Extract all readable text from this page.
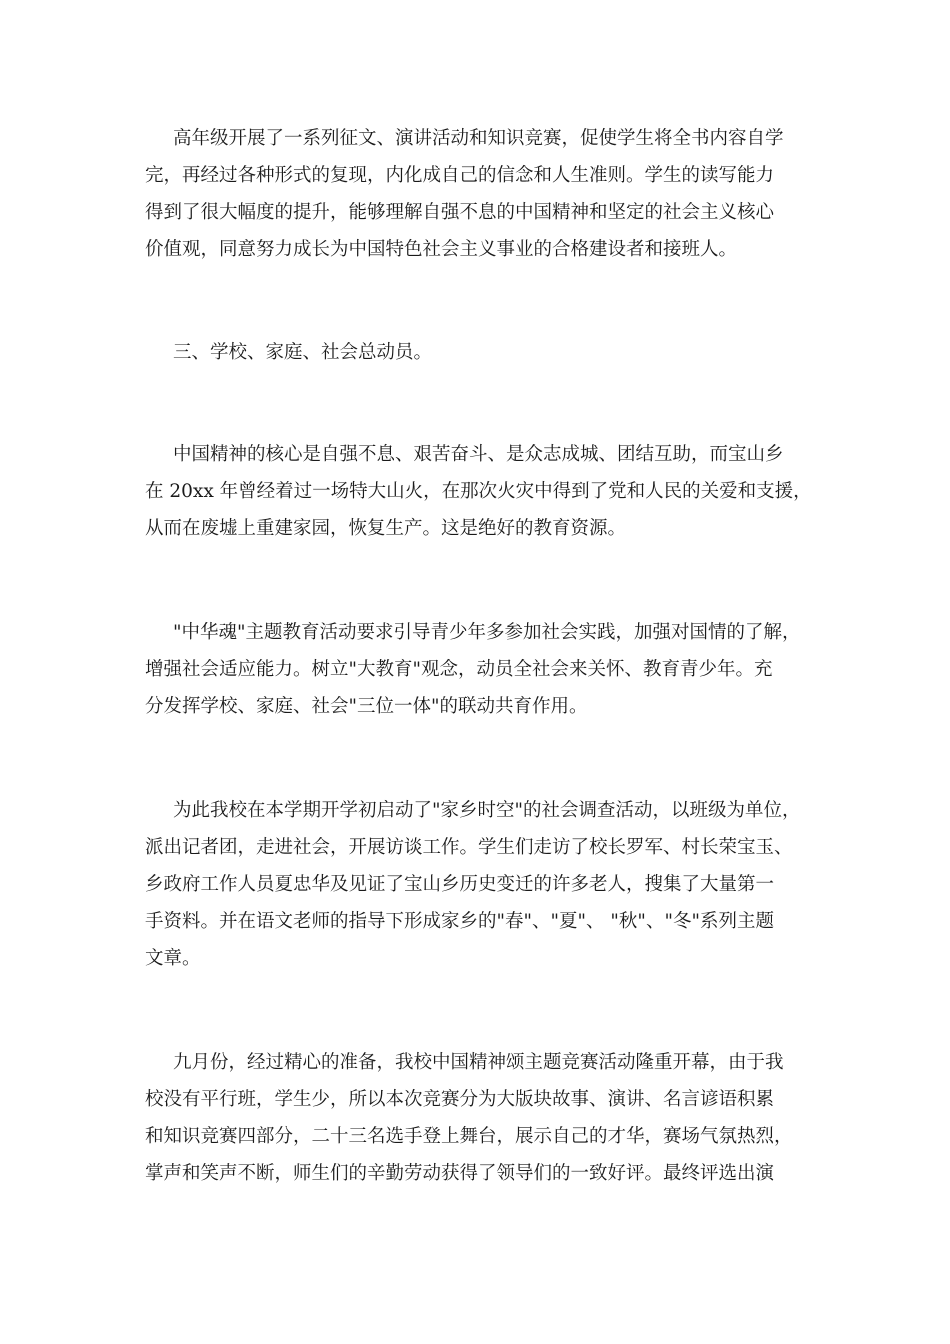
高年级开展了一系列征文、演讲活动和知识竞赛，促使学生将全书内容自学
完，再经过各种形式的复现，内化成自己的信念和人生准则。学生的读写能力
得到了很大幅度的提升，能够理解自强不息的中国精神和坚定的社会主义核心
价值观，同意努力成长为中国特色社会主义事业的合格建设者和接班人。
三、学校、家庭、社会总动员。
中国精神的核心是自强不息、艰苦奋斗、是众志成城、团结互助，而宝山乡
在 20xx 年曾经着过一场特大山火，在那次火灾中得到了党和人民的关爱和支援，
从而在废墟上重建家园，恢复生产。这是绝好的教育资源。
"中华魂"主题教育活动要求引导青少年多参加社会实践，加强对国情的了解，
增强社会适应能力。树立"大教育"观念，动员全社会来关怀、教育青少年。充
分发挥学校、家庭、社会"三位一体"的联动共育作用。
为此我校在本学期开学初启动了"家乡时空"的社会调查活动，以班级为单位，
派出记者团，走进社会，开展访谈工作。学生们走访了校长罗军、村长荣宝玉、
乡政府工作人员夏忠华及见证了宝山乡历史变迁的许多老人，搜集了大量第一
手资料。并在语文老师的指导下形成家乡的"春"、"夏"、 "秋"、"冬"系列主题
文章。
九月份，经过精心的准备，我校中国精神颂主题竞赛活动隆重开幕，由于我
校没有平行班，学生少，所以本次竞赛分为大版块故事、演讲、名言谚语积累
和知识竞赛四部分，二十三名选手登上舞台，展示自己的才华，赛场气氛热烈，
掌声和笑声不断，师生们的辛勤劳动获得了领导们的一致好评。最终评选出演
